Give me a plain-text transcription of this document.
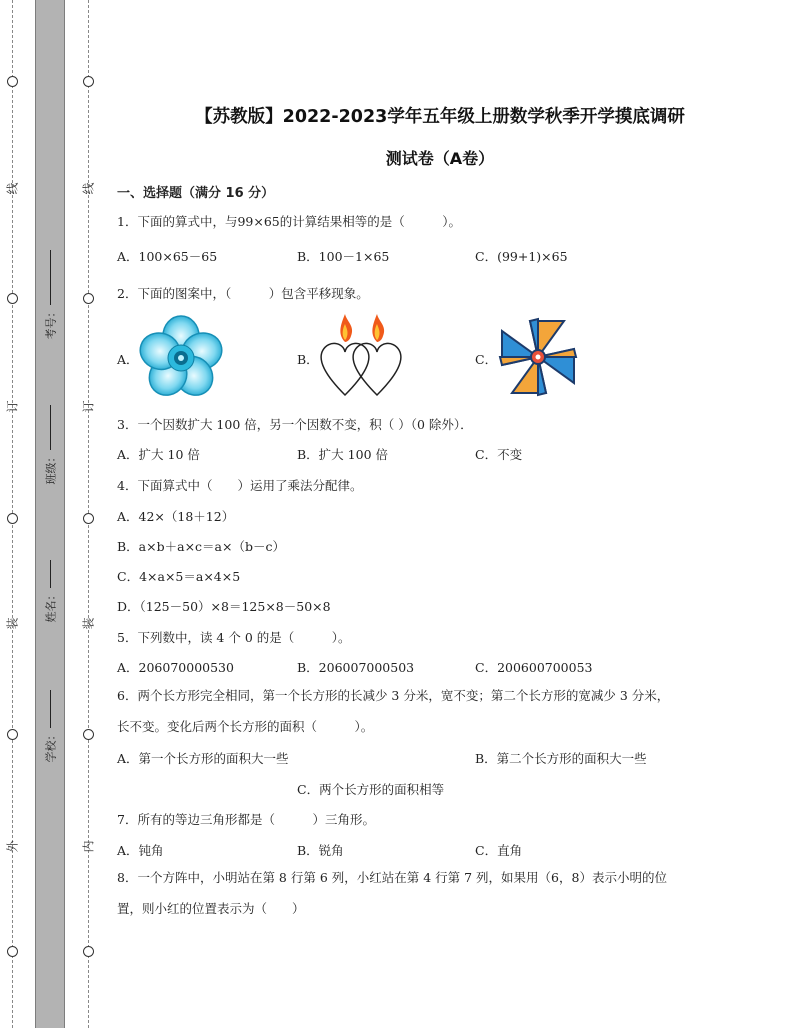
线
订
装
外
线
订
装
内
考号：
班级：
姓名：
学校：
【苏教版】2022-2023学年五年级上册数学秋季开学摸底调研
测试卷（A卷）
一、选择题（满分 16 分）
1．下面的算式中，与99×65的计算结果相等的是（　　　）。
A．100×65－65	B．100－1×65	C．(99+1)×65
2．下面的图案中，（　　　）包含平移现象。
A．	B．	C．
3．一个因数扩大 100 倍，另一个因数不变，积（ ）（0 除外）．
A．扩大 10 倍	B．扩大 100 倍	C．不变
4．下面算式中（　　）运用了乘法分配律。
A．42×（18＋12）
B．a×b＋a×c＝a×（b－c）
C．4×a×5＝a×4×5
D．（125－50）×8＝125×8－50×8
5．下列数中，读 4 个 0 的是（　　　）。
A．206070000530	B．206007000503	C．200600700053
6．两个长方形完全相同，第一个长方形的长减少 3 分米，宽不变；第二个长方形的宽减少 3 分米，长不变。变化后两个长方形的面积（　　　）。
A．第一个长方形的面积大一些	B．第二个长方形的面积大一些
C．两个长方形的面积相等
7．所有的等边三角形都是（　　　）三角形。
A．钝角	B．锐角	C．直角
8．一个方阵中，小明站在第 8 行第 6 列，小红站在第 4 行第 7 列，如果用（6，8）表示小明的位置，则小红的位置表示为（　　）
